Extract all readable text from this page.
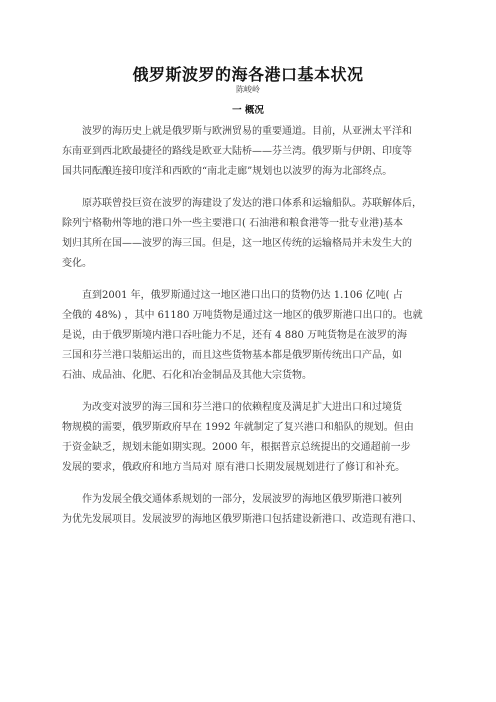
俄罗斯波罗的海各港口基本状况
陈峻岭
一 概况
波罗的海历史上就是俄罗斯与欧洲贸易的重要通道。目前，从亚洲太平洋和
东南亚到西北欧最捷径的路线是欧亚大陆桥——芬兰湾。俄罗斯与伊朗、印度等
国共同酝酿连接印度洋和西欧的“南北走廊”规划也以波罗的海为北部终点。
原苏联曾投巨资在波罗的海建设了发达的港口体系和运输船队。苏联解体后，
除列宁格勒州等地的港口外一些主要港口( 石油港和粮食港等一批专业港)基本
划归其所在国——波罗的海三国。但是，这一地区传统的运输格局并未发生大的
变化。
直到2001 年，俄罗斯通过这一地区港口出口的货物仍达 1.106 亿吨( 占
全俄的 48%) ，其中 61180 万吨货物是通过这一地区的俄罗斯港口出口的。也就
是说，由于俄罗斯境内港口吞吐能力不足，还有 4 880 万吨货物是在波罗的海
三国和芬兰港口装船运出的，而且这些货物基本都是俄罗斯传统出口产品，如
石油、成品油、化肥、石化和冶金制品及其他大宗货物。
为改变对波罗的海三国和芬兰港口的依赖程度及满足扩大进出口和过境货
物规模的需要，俄罗斯政府早在 1992 年就制定了复兴港口和船队的规划。但由
于资金缺乏，规划未能如期实现。2000 年，根据普京总统提出的交通超前一步
发展的要求，俄政府和地方当局对 原有港口长期发展规划进行了修订和补充。
作为发展全俄交通体系规划的一部分，发展波罗的海地区俄罗斯港口被列
为优先发展项目。发展波罗的海地区俄罗斯港口包括建设新港口、改造现有港口、
